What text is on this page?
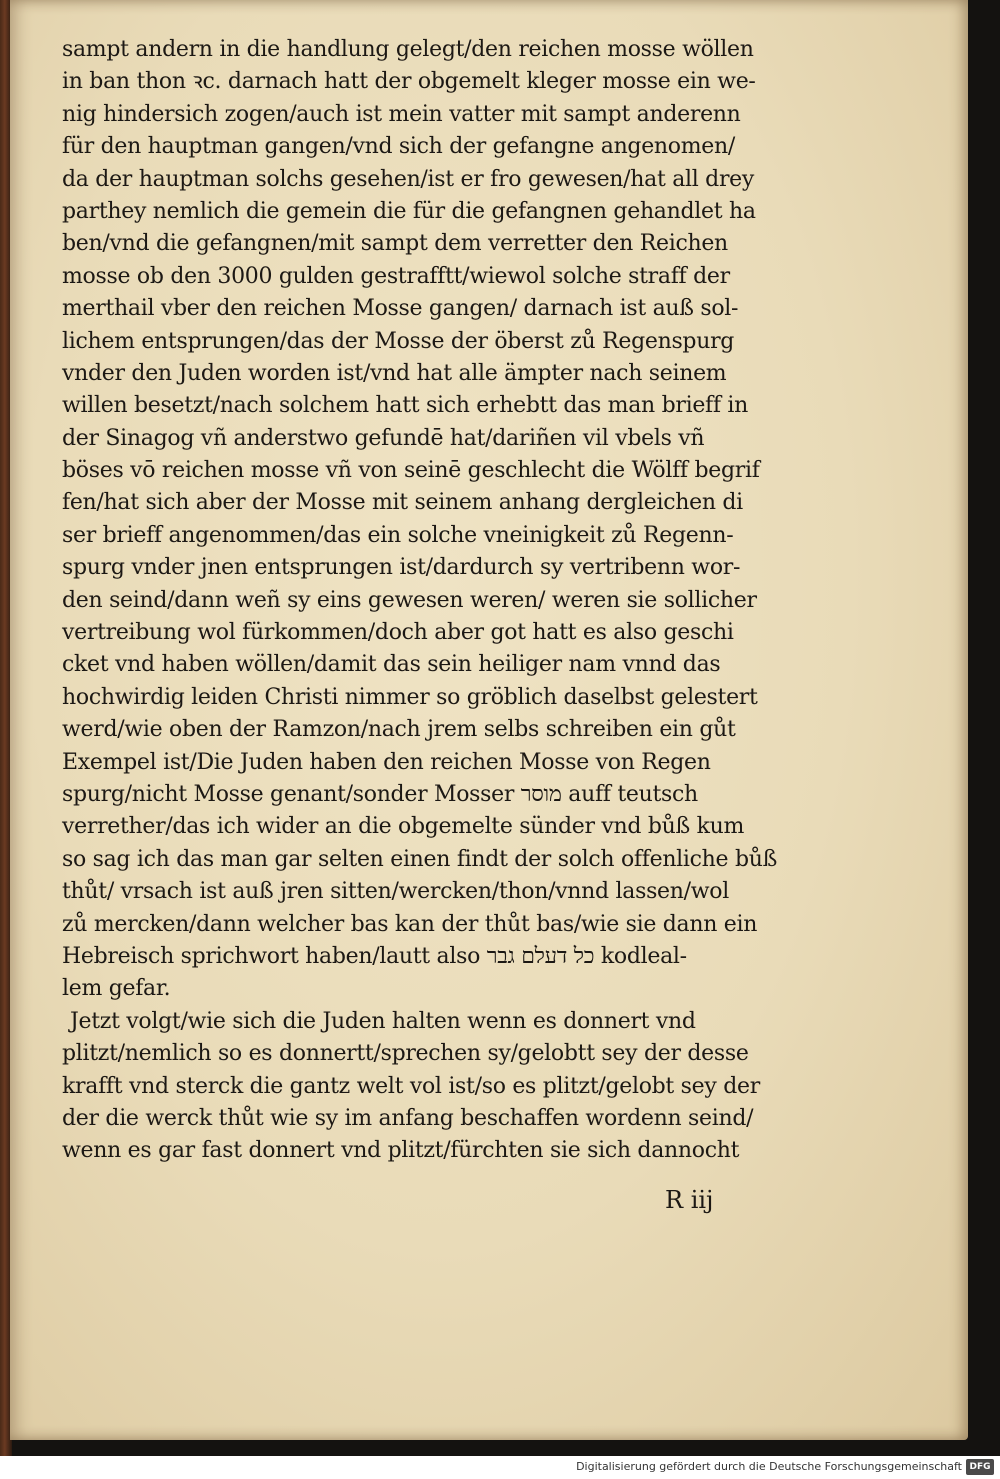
sampt andern in die handlung gelegt/den reichen mosse wöllen
in ban thon ꝛc. darnach hatt der obgemelt kleger mosse ein we-
nig hindersich zogen/auch ist mein vatter mit sampt anderenn
für den hauptman gangen/vnd sich der gefangne angenomen/
da der hauptman solchs gesehen/ist er fro gewesen/hat all drey
parthey nemlich die gemein die für die gefangnen gehandlet ha
ben/vnd die gefangnen/mit sampt dem verretter den Reichen
mosse ob den 3000 gulden gestrafftt/wiewol solche straff der
merthail vber den reichen Mosse gangen/ darnach ist auß sol-
lichem entsprungen/das der Mosse der öberst zů Regenspurg
vnder den Juden worden ist/vnd hat alle ämpter nach seinem
willen besetzt/nach solchem hatt sich erhebtt das man brieff in
der Sinagog vñ anderstwo gefundē hat/dariñen vil vbels vñ
böses vō reichen mosse vñ von seinē geschlecht die Wölff begrif
fen/hat sich aber der Mosse mit seinem anhang dergleichen di
ser brieff angenommen/das ein solche vneinigkeit zů Regenn-
spurg vnder jnen entsprungen ist/dardurch sy vertribenn wor-
den seind/dann weñ sy eins gewesen weren/ weren sie sollicher
vertreibung wol fürkommen/doch aber got hatt es also geschi
cket vnd haben wöllen/damit das sein heiliger nam vnnd das
hochwirdig leiden Christi nimmer so gröblich daselbst gelestert
werd/wie oben der Ramzon/nach jrem selbs schreiben ein gůt
Exempel ist/Die Juden haben den reichen Mosse von Regen
spurg/nicht Mosse genant/sonder Mosser מוסר auff teutsch
verrether/das ich wider an die obgemelte sünder vnd bůß kum
so sag ich das man gar selten einen findt der solch offenliche bůß
thůt/ vrsach ist auß jren sitten/wercken/thon/vnnd lassen/wol
zů mercken/dann welcher bas kan der thůt bas/wie sie dann ein
Hebreisch sprichwort haben/lautt also כל דעלם גבר kodleal-
lem gefar.
Jetzt volgt/wie sich die Juden halten wenn es donnert vnd
plitzt/nemlich so es donnertt/sprechen sy/gelobtt sey der desse
krafft vnd sterck die gantz welt vol ist/so es plitzt/gelobt sey der
der die werck thůt wie sy im anfang beschaffen wordenn seind/
wenn es gar fast donnert vnd plitzt/fürchten sie sich dannocht
R iij
Digitalisierung gefördert durch die Deutsche Forschungsgemeinschaft DFG
